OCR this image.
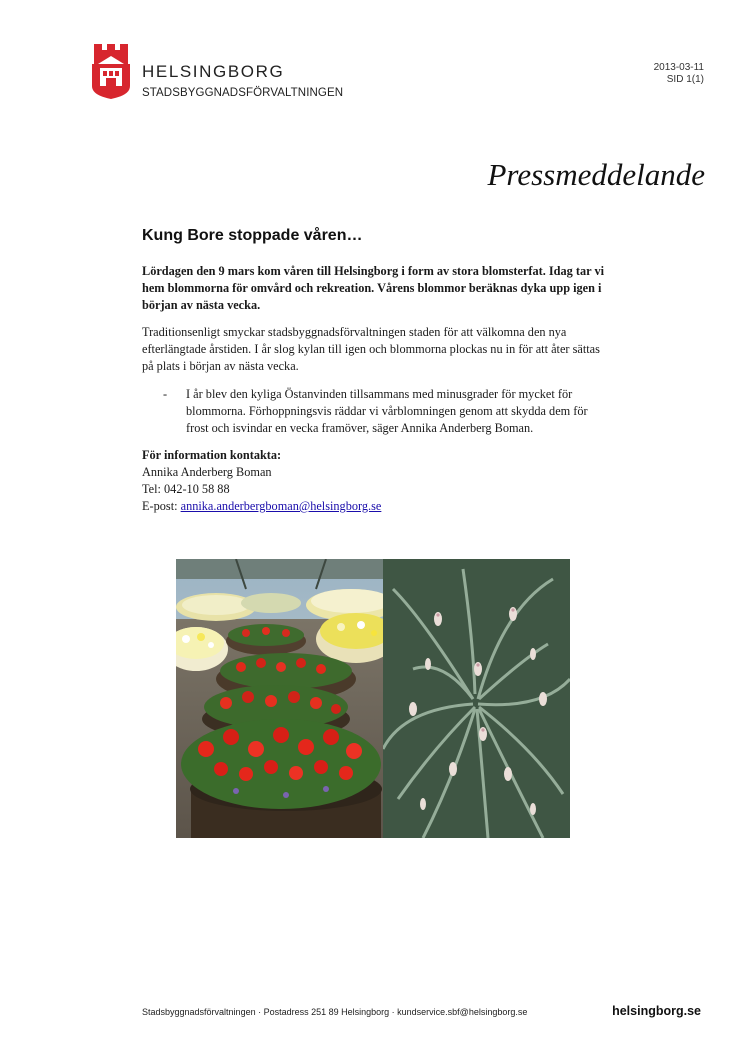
HELSINGBORG
STADSBYGGNADSFÖRVALTNINGEN
2013-03-11
SID 1(1)
Pressmeddelande
Kung Bore stoppade våren…
Lördagen den 9 mars kom våren till Helsingborg i form av stora blomsterfat. Idag tar vi hem blommorna för omvård och rekreation. Vårens blommor beräknas dyka upp igen i början av nästa vecka.
Traditionsenligt smyckar stadsbyggnadsförvaltningen staden för att välkomna den nya efterlängtade årstiden. I år slog kylan till igen och blommorna plockas nu in för att åter sättas på plats i början av nästa vecka.
-	I år blev den kyliga Östanvinden tillsammans med minusgrader för mycket för blommorna. Förhoppningsvis räddar vi vårblomningen genom att skydda dem för frost och isvindar en vecka framöver, säger Annika Anderberg Boman.
För information kontakta:
Annika Anderberg Boman
Tel: 042-10 58 88
E-post: annika.anderbergboman@helsingborg.se
Stadsbyggnadsförvaltningen · Postadress 251 89 Helsingborg · kundservice.sbf@helsingborg.se	helsingborg.se
